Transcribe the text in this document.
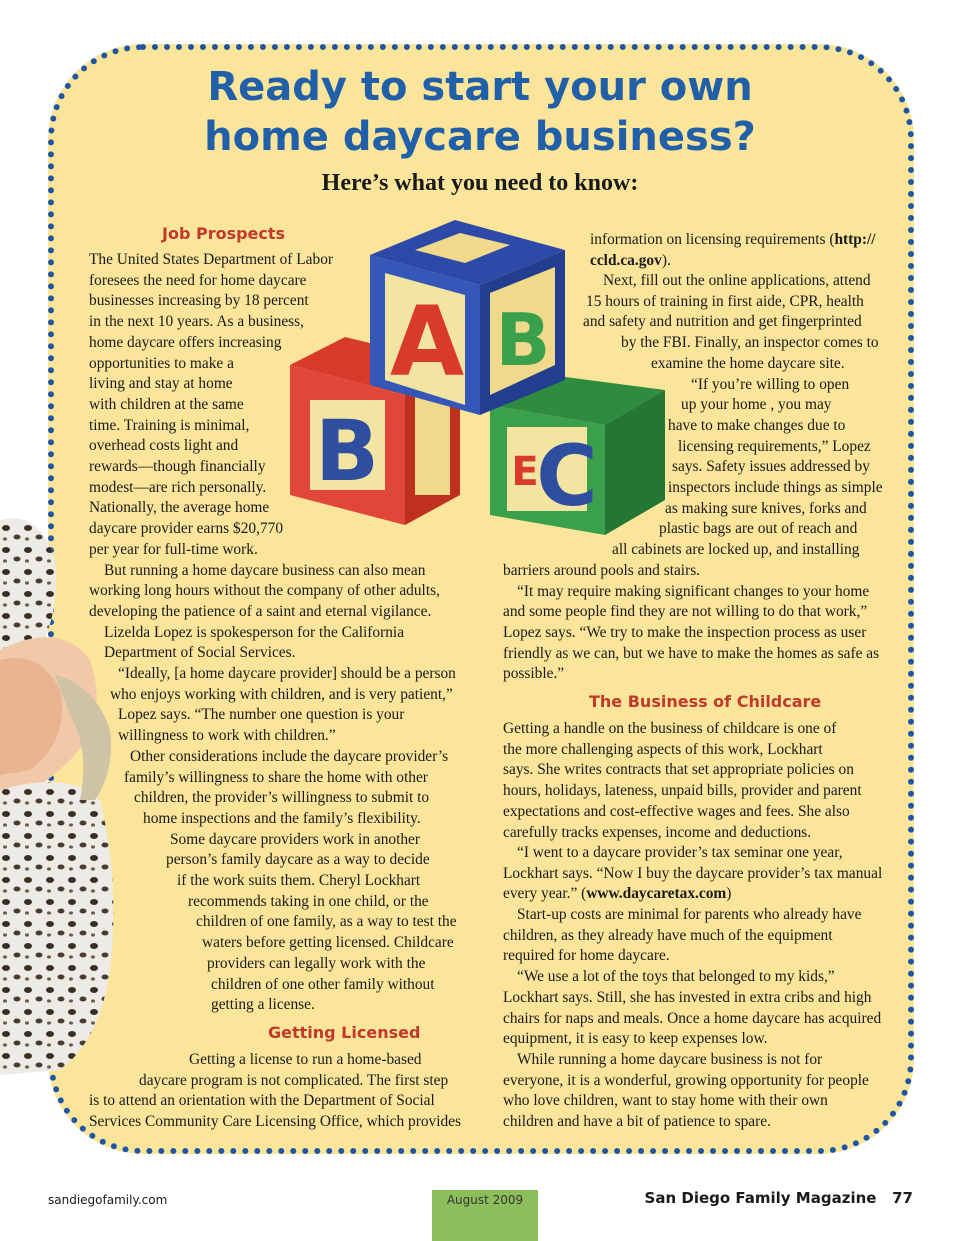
Ready to start your own
home daycare business?
Here’s what you need to know:
Job Prospects
Getting Licensed
The Business of Childcare
B C
E
A B
The United States Department of Labor
foresees the need for home daycare
businesses increasing by 18 percent
in the next 10 years. As a business,
home daycare offers increasing
opportunities to make a
living and stay at home
with children at the same
time. Training is minimal,
overhead costs light and
rewards—though financially
modest—are rich personally.
Nationally, the average home
daycare provider earns $20,770
per year for full-time work.
But running a home daycare business can also mean
working long hours without the company of other adults,
developing the patience of a saint and eternal vigilance.
Lizelda Lopez is spokesperson for the California
Department of Social Services.
“Ideally, [a home daycare provider] should be a person
who enjoys working with children, and is very patient,”
Lopez says. “The number one question is your
willingness to work with children.”
Other considerations include the daycare provider’s
family’s willingness to share the home with other
children, the provider’s willingness to submit to
home inspections and the family’s flexibility.
Some daycare providers work in another
person’s family daycare as a way to decide
if the work suits them. Cheryl Lockhart
recommends taking in one child, or the
children of one family, as a way to test the
waters before getting licensed. Childcare
providers can legally work with the
children of one other family without
getting a license.
Getting a license to run a home-based
daycare program is not complicated. The first step
is to attend an orientation with the Department of Social
Services Community Care Licensing Office, which provides
information on licensing requirements (http://
ccld.ca.gov).
Next, fill out the online applications, attend
15 hours of training in first aide, CPR, health
and safety and nutrition and get fingerprinted
by the FBI. Finally, an inspector comes to
examine the home daycare site.
“If you’re willing to open
up your home , you may
have to make changes due to
licensing requirements,” Lopez
says. Safety issues addressed by
inspectors include things as simple
as making sure knives, forks and
plastic bags are out of reach and
all cabinets are locked up, and installing
barriers around pools and stairs.
“It may require making significant changes to your home
and some people find they are not willing to do that work,”
Lopez says. “We try to make the inspection process as user
friendly as we can, but we have to make the homes as safe as
possible.”
Getting a handle on the business of childcare is one of
the more challenging aspects of this work, Lockhart
says. She writes contracts that set appropriate policies on
hours, holidays, lateness, unpaid bills, provider and parent
expectations and cost-effective wages and fees. She also
carefully tracks expenses, income and deductions.
“I went to a daycare provider’s tax seminar one year,
Lockhart says. “Now I buy the daycare provider’s tax manual
every year.” (www.daycaretax.com)
Start-up costs are minimal for parents who already have
children, as they already have much of the equipment
required for home daycare.
“We use a lot of the toys that belonged to my kids,”
Lockhart says. Still, she has invested in extra cribs and high
chairs for naps and meals. Once a home daycare has acquired
equipment, it is easy to keep expenses low.
While running a home daycare business is not for
everyone, it is a wonderful, growing opportunity for people
who love children, want to stay home with their own
children and have a bit of patience to spare.
sandiegofamily.com	August 2009	San Diego Family Magazine 77
